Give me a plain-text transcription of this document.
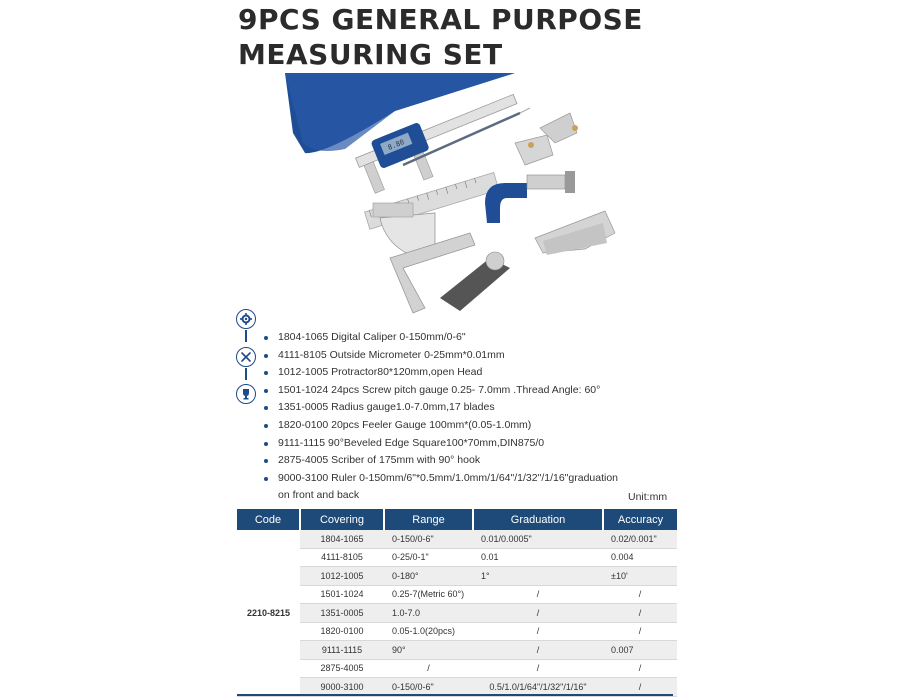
9PCS GENERAL PURPOSE
MEASURING SET
8.80
1804-1065 Digital Caliper 0-150mm/0-6"
4111-8105 Outside Micrometer 0-25mm*0.01mm
1012-1005 Protractor80*120mm,open Head
1501-1024 24pcs Screw pitch gauge 0.25- 7.0mm .Thread Angle: 60°
1351-0005 Radius gauge1.0-7.0mm,17 blades
1820-0100 20pcs Feeler Gauge 100mm*(0.05-1.0mm)
9111-1115 90°Beveled Edge Square100*70mm,DIN875/0
2875-4005 Scriber of 175mm with 90° hook
9000-3100 Ruler 0-150mm/6"*0.5mm/1.0mm/1/64"/1/32"/1/16"graduation
on front and back	Unit:mm
Code	Covering	Range	Graduation	Accuracy
2210-8215	1804-1065	0-150/0-6"	0.01/0.0005"	0.02/0.001"
	4111-8105	0-25/0-1"	0.01	0.004
	1012-1005	0-180°	1°	±10'
	1501-1024	0.25-7(Metric 60°)	/	/
	1351-0005	1.0-7.0	/	/
	1820-0100	0.05-1.0(20pcs)	/	/
	9111-1115	90°	/	0.007
	2875-4005	/	/	/
	9000-3100	0-150/0-6"	0.5/1.0/1/64"/1/32"/1/16"	/
